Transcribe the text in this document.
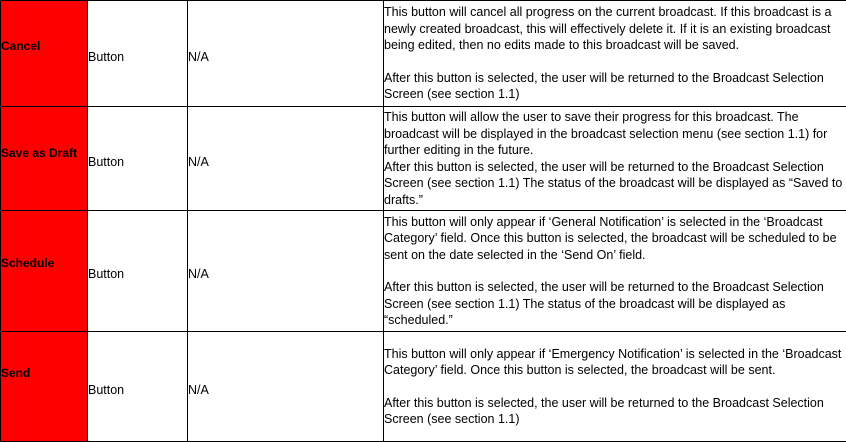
Cancel	Button	N/A	This button will cancel all progress on the current broadcast. If this broadcast is a newly created broadcast, this will effectively delete it. If it is an existing broadcast being edited, then no edits made to this broadcast will be saved.
After this button is selected, the user will be returned to the Broadcast Selection Screen (see section 1.1)

Save as Draft	Button	N/A	This button will allow the user to save their progress for this broadcast. The broadcast will be displayed in the broadcast selection menu (see section 1.1) for further editing in the future.
After this button is selected, the user will be returned to the Broadcast Selection Screen (see section 1.1) The status of the broadcast will be displayed as “Saved to drafts.”

Schedule	Button	N/A	This button will only appear if ‘General Notification’ is selected in the ‘Broadcast Category’ field. Once this button is selected, the broadcast will be scheduled to be sent on the date selected in the ‘Send On’ field.
After this button is selected, the user will be returned to the Broadcast Selection Screen (see section 1.1) The status of the broadcast will be displayed as “scheduled.”

Send	Button	N/A	This button will only appear if ‘Emergency Notification’ is selected in the ‘Broadcast Category’ field. Once this button is selected, the broadcast will be sent.
After this button is selected, the user will be returned to the Broadcast Selection Screen (see section 1.1)
